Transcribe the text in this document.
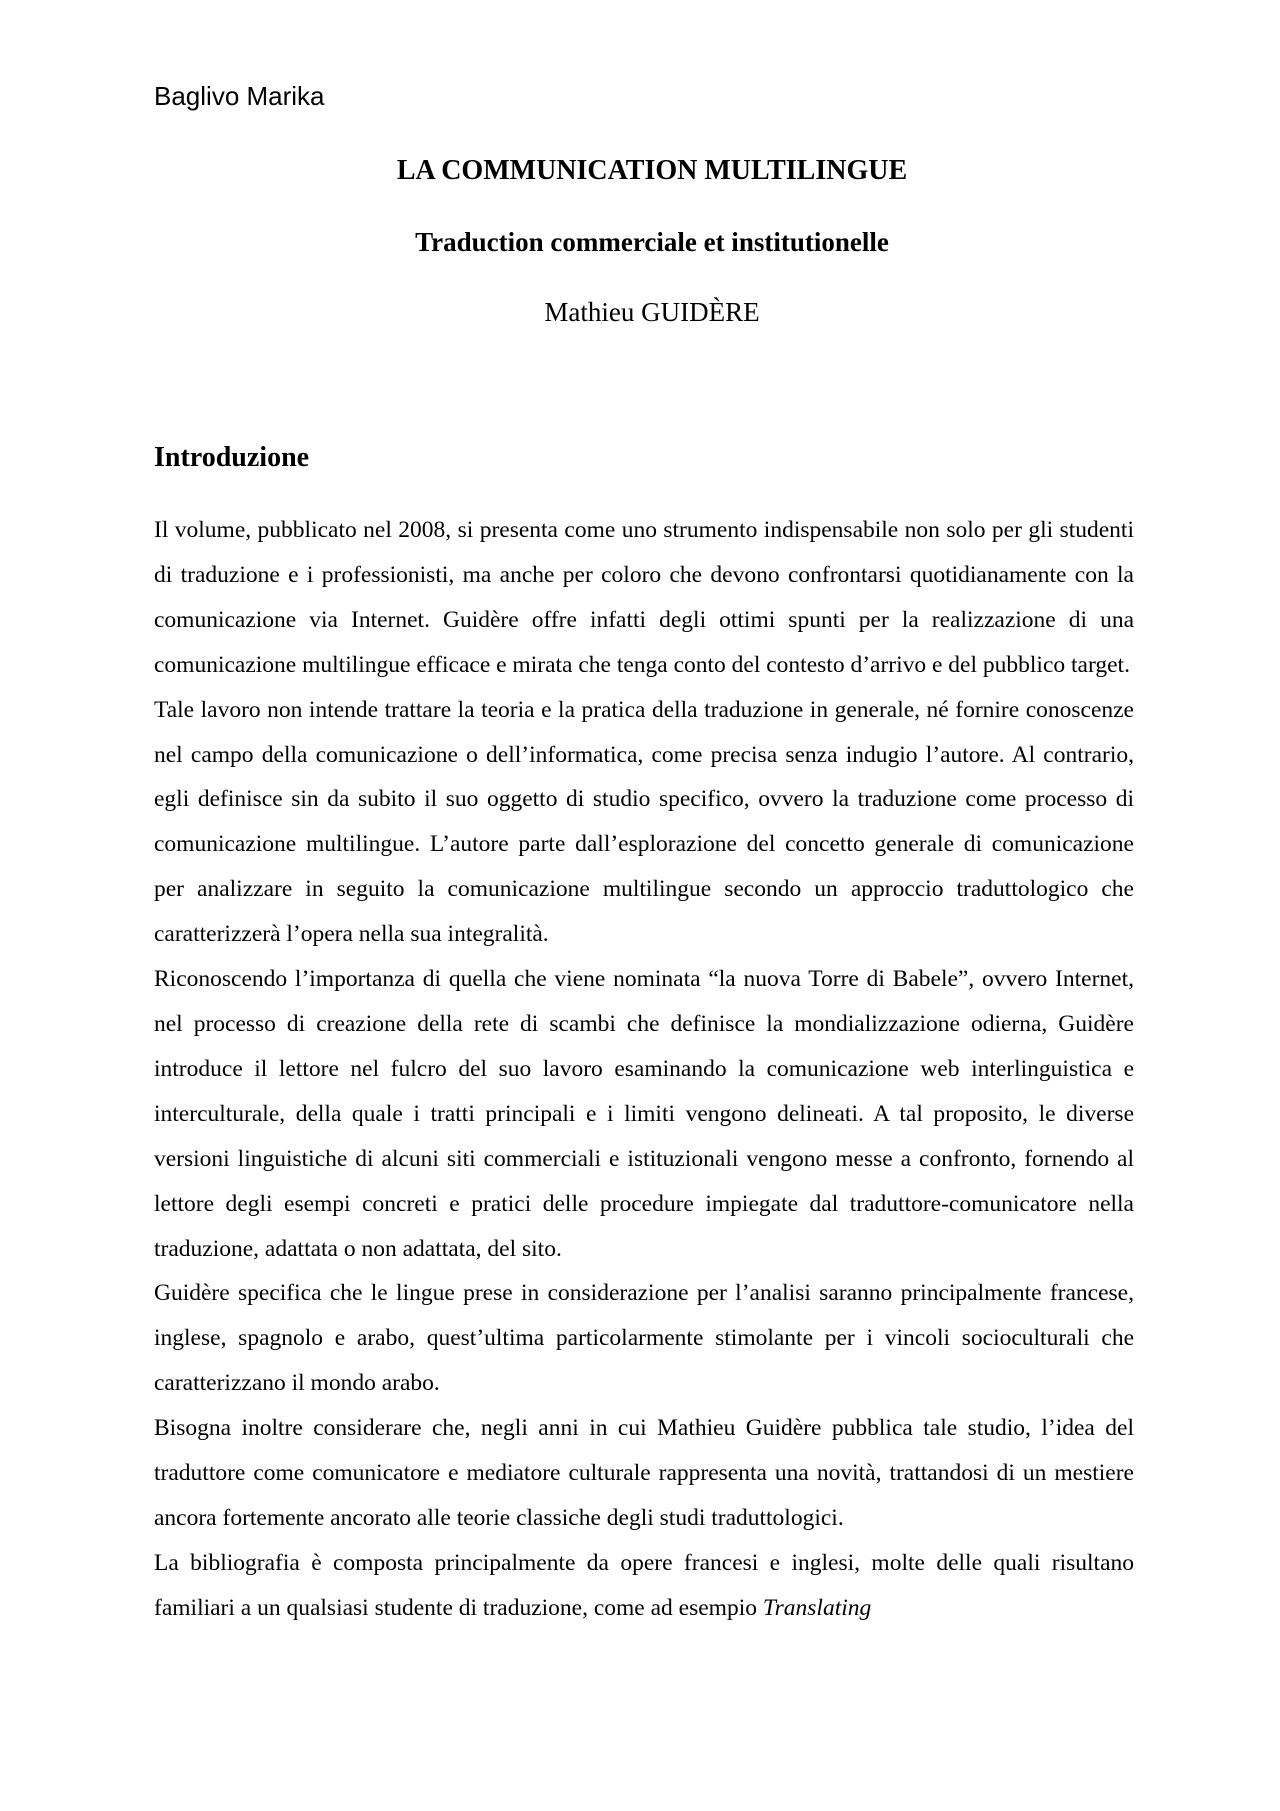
Baglivo Marika

LA COMMUNICATION MULTILINGUE
Traduction commerciale et institutionelle

Mathieu GUIDÈRE

Introduzione

Il volume, pubblicato nel 2008, si presenta come uno strumento indispensabile non solo per gli studenti di traduzione e i professionisti, ma anche per coloro che devono confrontarsi quotidianamente con la comunicazione via Internet. Guidère offre infatti degli ottimi spunti per la realizzazione di una comunicazione multilingue efficace e mirata che tenga conto del contesto d’arrivo e del pubblico target.

Tale lavoro non intende trattare la teoria e la pratica della traduzione in generale, né fornire conoscenze nel campo della comunicazione o dell’informatica, come precisa senza indugio l’autore. Al contrario, egli definisce sin da subito il suo oggetto di studio specifico, ovvero la traduzione come processo di comunicazione multilingue. L’autore parte dall’esplorazione del concetto generale di comunicazione per analizzare in seguito la comunicazione multilingue secondo un approccio traduttologico che caratterizzerà l’opera nella sua integralità.

Riconoscendo l’importanza di quella che viene nominata “la nuova Torre di Babele”, ovvero Internet, nel processo di creazione della rete di scambi che definisce la mondializzazione odierna, Guidère introduce il lettore nel fulcro del suo lavoro esaminando la comunicazione web interlinguistica e interculturale, della quale i tratti principali e i limiti vengono delineati. A tal proposito, le diverse versioni linguistiche di alcuni siti commerciali e istituzionali vengono messe a confronto, fornendo al lettore degli esempi concreti e pratici delle procedure impiegate dal traduttore-comunicatore nella traduzione, adattata o non adattata, del sito.

Guidère specifica che le lingue prese in considerazione per l’analisi saranno principalmente francese, inglese, spagnolo e arabo, quest’ultima particolarmente stimolante per i vincoli socioculturali che caratterizzano il mondo arabo.

Bisogna inoltre considerare che, negli anni in cui Mathieu Guidère pubblica tale studio, l’idea del traduttore come comunicatore e mediatore culturale rappresenta una novità, trattandosi di un mestiere ancora fortemente ancorato alle teorie classiche degli studi traduttologici.

La bibliografia è composta principalmente da opere francesi e inglesi, molte delle quali risultano familiari a un qualsiasi studente di traduzione, come ad esempio Translating
